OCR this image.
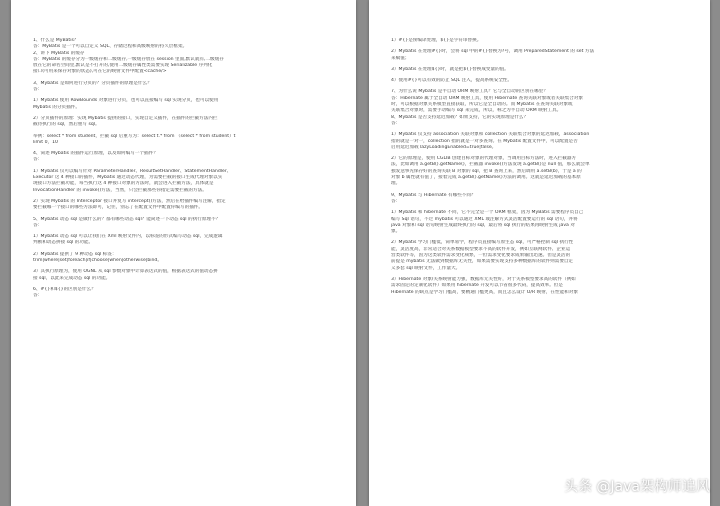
1、什么是 MyBatis？
答：MyBatis 是一个可以自定义 SQL、存储过程和高级映射的持久层框架。
2、讲下 MyBatis 的缓存
答：MyBatis 的缓存分为一级缓存和二级缓存,一级缓存放在 session 里面,默认就有,二级缓存
放在它的命名空间里,默认是不打开的,使用二级缓存属性类需要实现 Serializable 序列化
接口(可用来保存对象的状态),可在它的映射文件中配置<cache/>
3、Mybatis 是如何进行分页的？分页插件的原理是什么？
答：
1）Mybatis 使用 RowBounds 对象进行分页，也可以直接编写 sql 实现分页，也可以使用
Mybatis 的分页插件。
2）分页插件的原理：实现 Mybatis 提供的接口，实现自定义插件，在插件的拦截方法内拦
截待执行的 sql，然后重写 sql。
举例：select * from student，拦截 sql 后重写为：select t.* from （select * from student）t
limit 0，10
4、简述 Mybatis 的插件运行原理，以及如何编写一个插件？
答：
1）Mybatis 仅可以编写针对 ParameterHandler、ResultSetHandler、StatementHandler、
Executor 这 4 种接口的插件，Mybatis 通过动态代理，为需要拦截的接口生成代理对象以实
现接口方法拦截功能，每当执行这 4 种接口对象的方法时，就会进入拦截方法，具体就是
InvocationHandler 的 invoke()方法，当然，只会拦截那些你指定需要拦截的方法。
2）实现 Mybatis 的 Interceptor 接口并复写 intercept()方法，然后在给插件编写注解，指定
要拦截哪一个接口的哪些方法即可，记住，别忘了在配置文件中配置你编写的插件。
5、Mybatis 动态 sql 是做什么的？都有哪些动态 sql？能简述一下动态 sql 的执行原理不？
答：
1）Mybatis 动态 sql 可以让我们在 Xml 映射文件内，以标签的形式编写动态 sql，完成逻辑
判断和动态拼接 sql 的功能。
2）Mybatis 提供了 9 种动态 sql 标签：
trim|where|set|foreach|if|choose|when|otherwise|bind。
3）其执行原理为，使用 OGNL 从 sql 参数对象中计算表达式的值，根据表达式的值动态拼
接 sql，以此来完成动态 sql 的功能。
6、#{}和${}的区别是什么？
答：
1）#{}是预编译处理，${}是字符串替换。
2）Mybatis 在处理#{}时，会将 sql 中的#{}替换为?号，调用 PreparedStatement 的 set 方法
来赋值；
3）Mybatis 在处理${}时，就是把${}替换成变量的值。
4）使用#{}可以有效的防止 SQL 注入，提高系统安全性。
7、为什么说 Mybatis 是半自动 ORM 映射工具？它与全自动的区别在哪里？
答：Hibernate 属于全自动 ORM 映射工具，使用 Hibernate 查询关联对象或者关联集合对象
时，可以根据对象关系模型直接获取，所以它是全自动的。而 Mybatis 在查询关联对象或
关联集合对象时，需要手动编写 sql 来完成，所以，称之为半自动 ORM 映射工具。
8、Mybatis 是否支持延迟加载？如果支持，它的实现原理是什么？
答：
1）Mybatis 仅支持 association 关联对象和 collection 关联集合对象的延迟加载，association
指的就是一对一，collection 指的就是一对多查询。在 Mybatis 配置文件中，可以配置是否
启用延迟加载 lazyLoadingEnabled=true|false。
2）它的原理是，使用 CGLIB 创建目标对象的代理对象，当调用目标方法时，进入拦截器方
法，比如调用 a.getB().getName()，拦截器 invoke()方法发现 a.getB()是 null 值，那么就会单
独发送事先保存好的查询关联 B 对象的 sql，把 B 查询上来，然后调用 a.setB(b)，于是 a 的
对象 b 属性就有值了，接着完成 a.getB().getName()方法的调用。这就是延迟加载的基本原
理。
9、Mybatis 与 Hibernate 有哪些不同？
答：
1）Mybatis 和 hibernate 不同，它不完全是一个 ORM 框架，因为 MyBatis 需要程序员自己
编写 Sql 语句，不过 mybatis 可以通过 XML 或注解方式灵活配置要运行的 sql 语句，并将
java 对象和 sql 语句映射生成最终执行的 sql，最后将 sql 执行的结果再映射生成 java 对
象。
2）Mybatis 学习门槛低，简单易学，程序员直接编写原生态 sql，可严格控制 sql 执行性
能，灵活度高，非常适合对关系数据模型要求不高的软件开发，例如互联网软件、企业运
营类软件等，因为这类软件需求变化频繁，一但需求变化要求成果输出迅速。但是灵活的
前提是 mybatis 无法做到数据库无关性，如果需要实现支持多种数据库的软件则需要自定
义多套 sql 映射文件，工作量大。
3）Hibernate 对象/关系映射能力强，数据库无关性好，对于关系模型要求高的软件（例如
需求固定的定制化软件）如果用 hibernate 开发可以节省很多代码，提高效率。但是
Hibernate 的缺点是学习门槛高，要精通门槛更高，而且怎么设计 O/R 映射，在性能和对象
头条 @Java架构师追风
